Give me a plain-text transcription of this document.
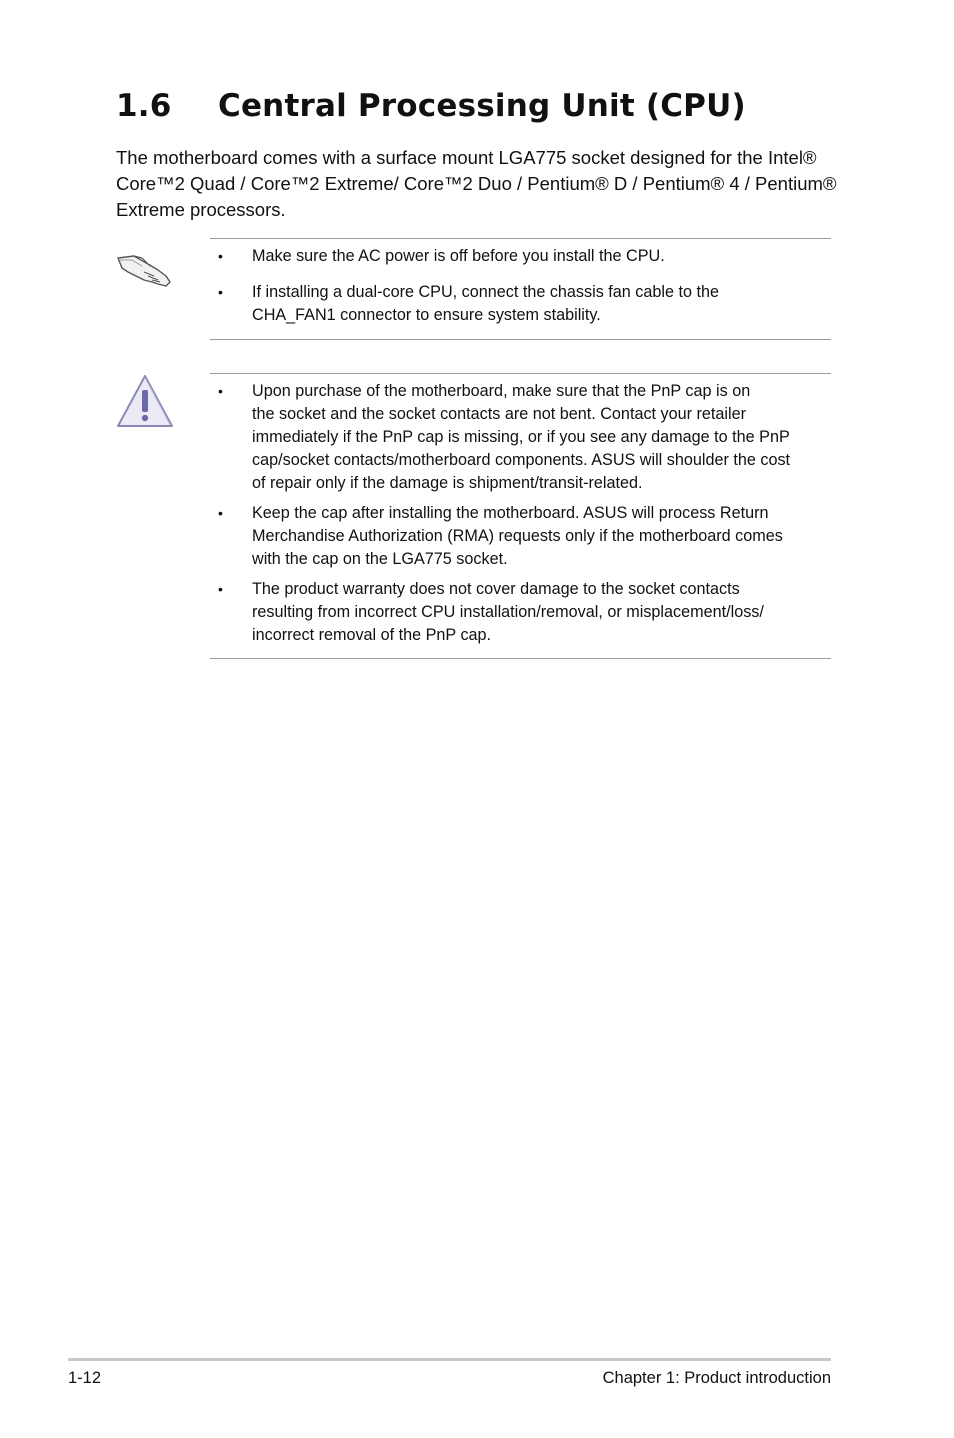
1.6 Central Processing Unit (CPU)

The motherboard comes with a surface mount LGA775 socket designed for the Intel® Core™2 Quad / Core™2 Extreme/ Core™2 Duo / Pentium® D / Pentium® 4 / Pentium® Extreme processors.

• Make sure the AC power is off before you install the CPU.
• If installing a dual-core CPU, connect the chassis fan cable to the
CHA_FAN1 connector to ensure system stability.
• Upon purchase of the motherboard, make sure that the PnP cap is on
the socket and the socket contacts are not bent. Contact your retailer
immediately if the PnP cap is missing, or if you see any damage to the PnP
cap/socket contacts/motherboard components. ASUS will shoulder the cost
of repair only if the damage is shipment/transit-related.
• Keep the cap after installing the motherboard. ASUS will process Return
Merchandise Authorization (RMA) requests only if the motherboard comes
with the cap on the LGA775 socket.
• The product warranty does not cover damage to the socket contacts
resulting from incorrect CPU installation/removal, or misplacement/loss/
incorrect removal of the PnP cap.
1-12	Chapter 1: Product introduction
